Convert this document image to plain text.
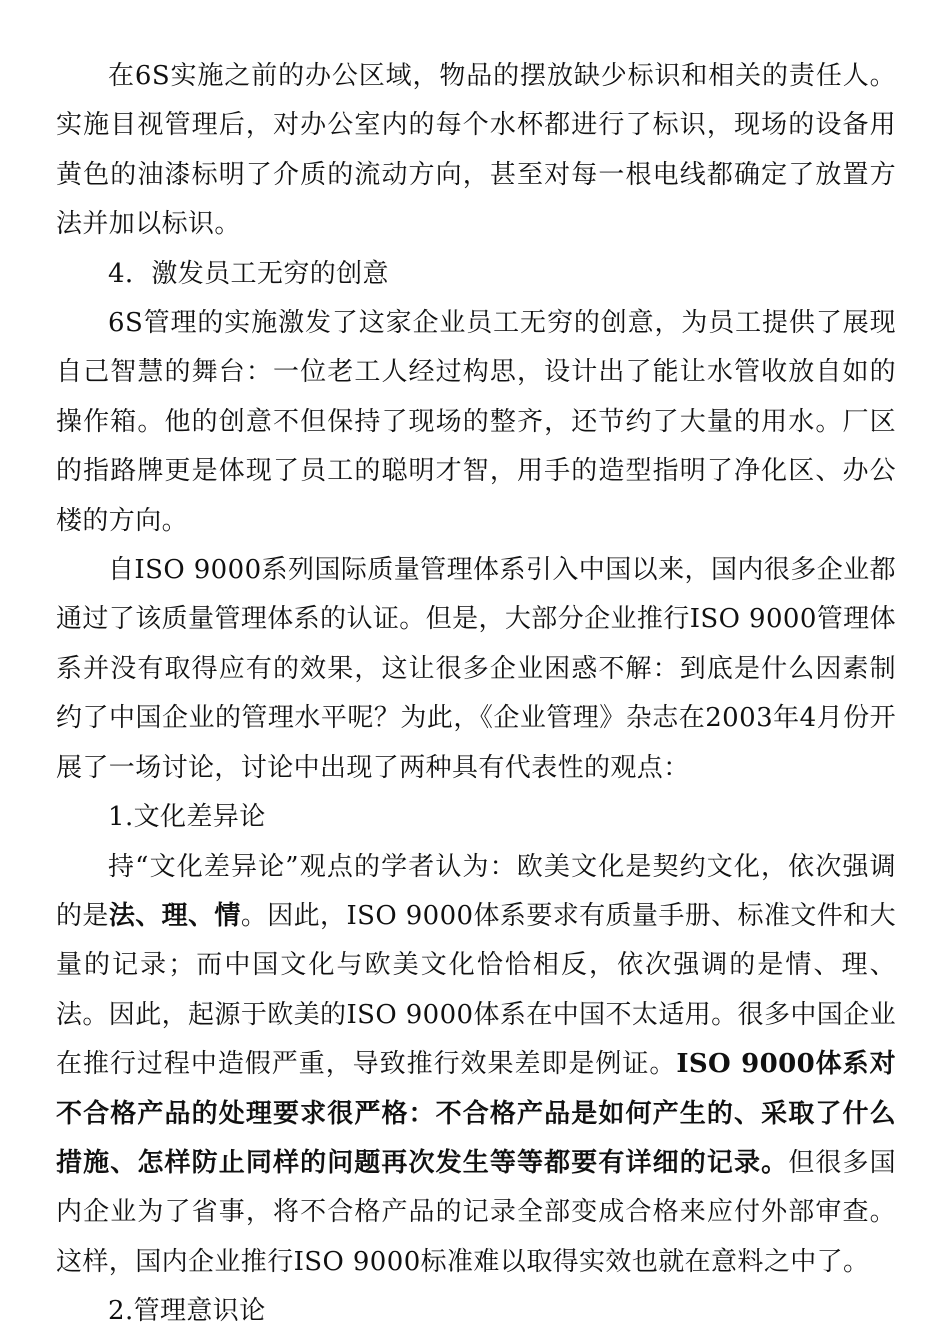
在6S实施之前的办公区域，物品的摆放缺少标识和相关的责任人。实施目视管理后，对办公室内的每个水杯都进行了标识，现场的设备用黄色的油漆标明了介质的流动方向，甚至对每一根电线都确定了放置方法并加以标识。

4．激发员工无穷的创意

6S管理的实施激发了这家企业员工无穷的创意，为员工提供了展现自己智慧的舞台：一位老工人经过构思，设计出了能让水管收放自如的操作箱。他的创意不但保持了现场的整齐，还节约了大量的用水。厂区的指路牌更是体现了员工的聪明才智，用手的造型指明了净化区、办公楼的方向。

自ISO 9000系列国际质量管理体系引入中国以来，国内很多企业都通过了该质量管理体系的认证。但是，大部分企业推行ISO 9000管理体系并没有取得应有的效果，这让很多企业困惑不解：到底是什么因素制约了中国企业的管理水平呢？为此，《企业管理》杂志在2003年4月份开展了一场讨论，讨论中出现了两种具有代表性的观点：

1.文化差异论

持“文化差异论”观点的学者认为：欧美文化是契约文化，依次强调的是法、理、情。因此，ISO 9000体系要求有质量手册、标准文件和大量的记录；而中国文化与欧美文化恰恰相反，依次强调的是情、理、法。因此，起源于欧美的ISO 9000体系在中国不太适用。很多中国企业在推行过程中造假严重，导致推行效果差即是例证。ISO 9000体系对不合格产品的处理要求很严格：不合格产品是如何产生的、采取了什么措施、怎样防止同样的问题再次发生等等都要有详细的记录。但很多国内企业为了省事，将不合格产品的记录全部变成合格来应付外部审查。这样，国内企业推行ISO 9000标准难以取得实效也就在意料之中了。

2.管理意识论
